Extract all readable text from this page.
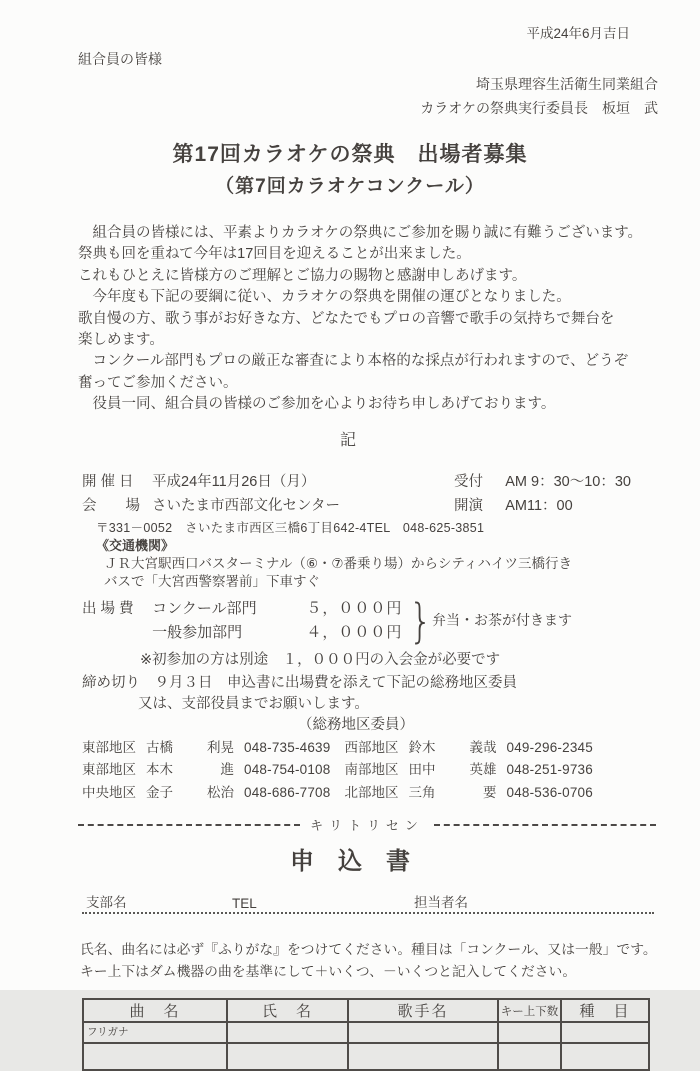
平成24年6月吉日
組合員の皆様
埼玉県理容生活衛生同業組合
カラオケの祭典実行委員長　板垣　武
第17回カラオケの祭典　出場者募集
（第7回カラオケコンクール）
　組合員の皆様には、平素よりカラオケの祭典にご参加を賜り誠に有難うございます。
祭典も回を重ねて今年は17回目を迎えることが出来ました。
これもひとえに皆様方のご理解とご協力の賜物と感謝申しあげます。
　今年度も下記の要綱に従い、カラオケの祭典を開催の運びとなりました。
歌自慢の方、歌う事がお好きな方、どなたでもプロの音響で歌手の気持ちで舞台を
楽しめます。
　コンクール部門もプロの厳正な審査により本格的な採点が行われますので、どうぞ
奮ってご参加ください。
　役員一同、組合員の皆様のご参加を心よりお待ち申しあげております。
記
開 催 日 平成24年11月26日（月）	受付 AM 9：30～10：30
会　　場 さいたま市西部文化センター	開演 AM11：00
〒331－0052　さいたま市西区三橋6丁目642-4TEL　048-625-3851
《交通機関》
ＪＲ大宮駅西口バスターミナル（⑥・⑦番乗り場）からシティハイツ三橋行き
バスで「大宮西警察署前」下車すぐ
出 場 費 コンクール部門	５，０００円
一般参加部門	４，０００円 } 弁当・お茶が付きます
※初参加の方は別途　１，０００円の入会金が必要です
締め切り　９月３日　申込書に出場費を添えて下記の総務地区委員
又は、支部役員までお願いします。
（総務地区委員）
東部地区 古橋	利晃 048-735-4639 西部地区 鈴木	義哉 049-296-2345
東部地区 本木	進 048-754-0108 南部地区 田中	英雄 048-251-9736
中央地区 金子	松治 048-686-7708 北部地区 三角	要 048-536-0706
キリトリセン
申　込　書
支部名	TEL	担当者名
氏名、曲名には必ず『ふりがな』をつけてください。種目は「コンクール、又は一般」です。
キー上下はダム機器の曲を基準にして＋いくつ、－いくつと記入してください。
曲　名	氏　名	歌手名	キー上下数	種　目
フリガナ				
